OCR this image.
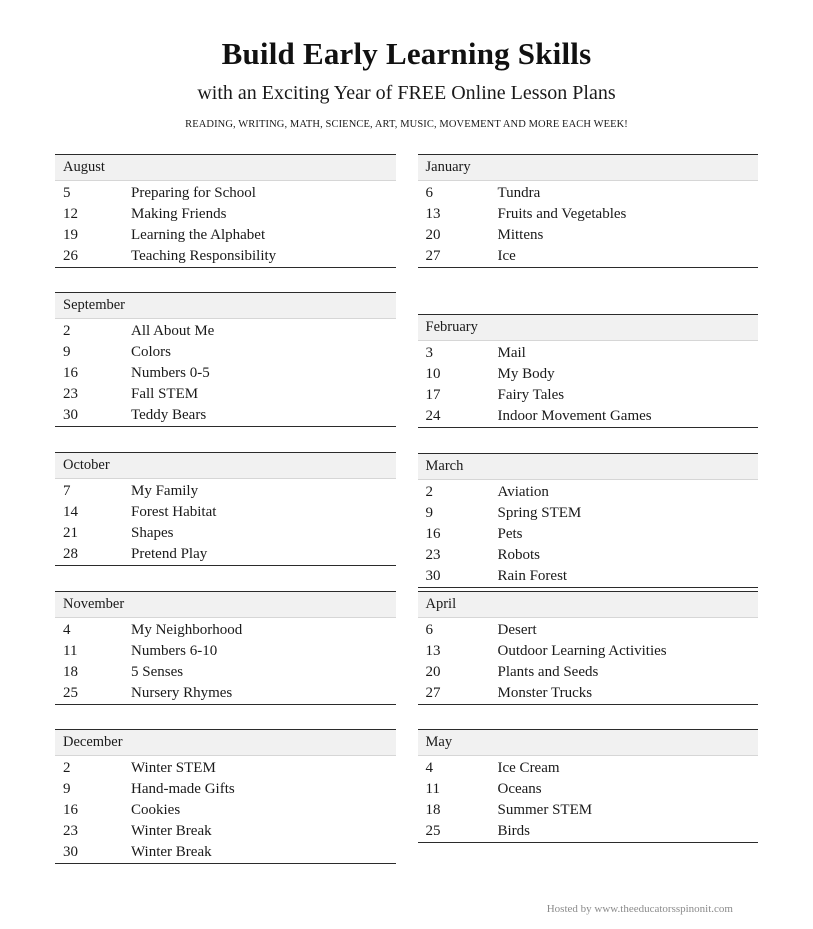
Build Early Learning Skills
with an Exciting Year of FREE Online Lesson Plans
READING, WRITING, MATH, SCIENCE, ART, MUSIC, MOVEMENT AND MORE EACH WEEK!
August
5	Preparing for School
12	Making Friends
19	Learning the Alphabet
26	Teaching Responsibility
September
2	All About Me
9	Colors
16	Numbers 0-5
23	Fall STEM
30	Teddy Bears
October
7	My Family
14	Forest Habitat
21	Shapes
28	Pretend Play
November
4	My Neighborhood
11	Numbers 6-10
18	5 Senses
25	Nursery Rhymes
December
2	Winter STEM
9	Hand-made Gifts
16	Cookies
23	Winter Break
30	Winter Break
January
6	Tundra
13	Fruits and Vegetables
20	Mittens
27	Ice
February
3	Mail
10	My Body
17	Fairy Tales
24	Indoor Movement Games
March
2	Aviation
9	Spring STEM
16	Pets
23	Robots
30	Rain Forest
April
6	Desert
13	Outdoor Learning Activities
20	Plants and Seeds
27	Monster Trucks
May
4	Ice Cream
11	Oceans
18	Summer STEM
25	Birds
Hosted by www.theeducatorsspinonit.com
